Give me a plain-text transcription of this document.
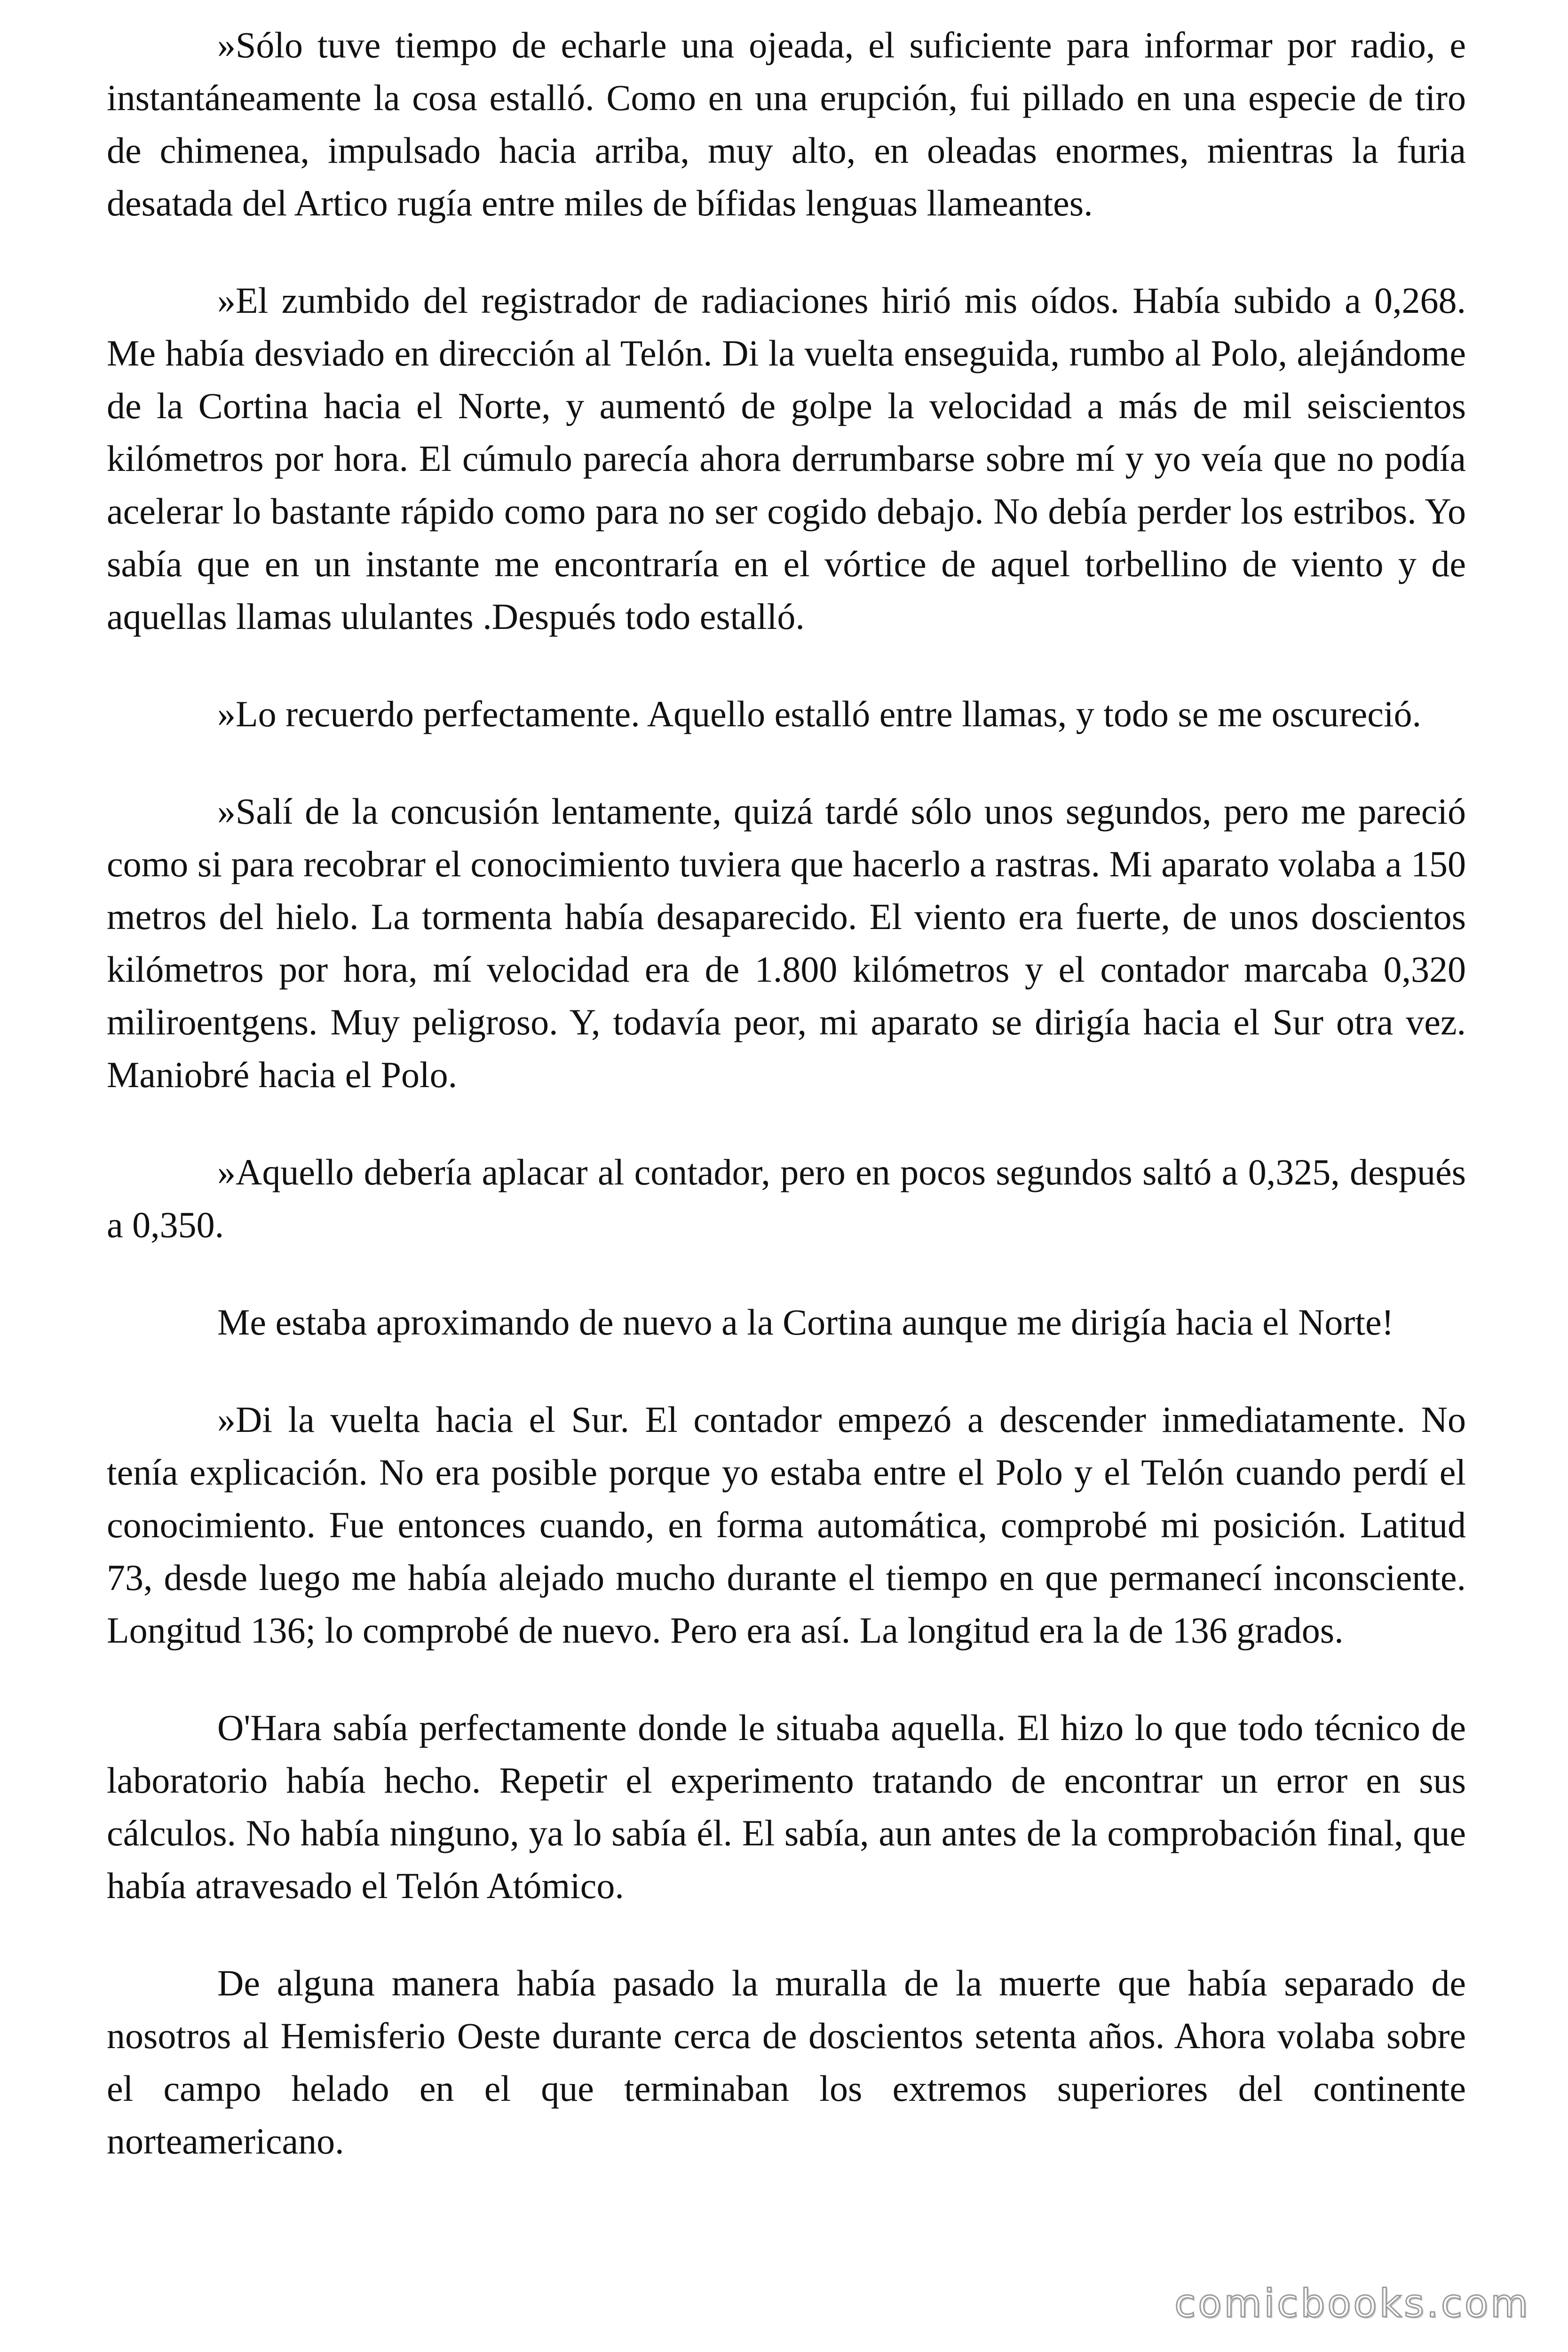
»Sólo tuve tiempo de echarle una ojeada, el suficiente para informar por radio, e instantáneamente la cosa estalló. Como en una erupción, fui pillado en una especie de tiro de chimenea, impulsado hacia arriba, muy alto, en oleadas enormes, mientras la furia desatada del Artico rugía entre miles de bífidas lenguas llameantes.

»El zumbido del registrador de radiaciones hirió mis oídos. Había subido a 0,268. Me había desviado en dirección al Telón. Di la vuelta enseguida, rumbo al Polo, alejándome de la Cortina hacia el Norte, y aumentó de golpe la velocidad a más de mil seiscientos kilómetros por hora. El cúmulo parecía ahora derrumbarse sobre mí y yo veía que no podía acelerar lo bastante rápido como para no ser cogido debajo. No debía perder los estribos. Yo sabía que en un instante me encontraría en el vórtice de aquel torbellino de viento y de aquellas llamas ululantes .Después todo estalló.

»Lo recuerdo perfectamente. Aquello estalló entre llamas, y todo se me oscureció.

»Salí de la concusión lentamente, quizá tardé sólo unos segundos, pero me pareció como si para recobrar el conocimiento tuviera que hacerlo a rastras. Mi aparato volaba a 150 metros del hielo. La tormenta había desaparecido. El viento era fuerte, de unos doscientos kilómetros por hora, mí velocidad era de 1.800 kilómetros y el contador marcaba 0,320 miliroentgens. Muy peligroso. Y, todavía peor, mi aparato se dirigía hacia el Sur otra vez. Maniobré hacia el Polo.

»Aquello debería aplacar al contador, pero en pocos segundos saltó a 0,325, después a 0,350.

Me estaba aproximando de nuevo a la Cortina aunque me dirigía hacia el Norte!

»Di la vuelta hacia el Sur. El contador empezó a descender inmediatamente. No tenía explicación. No era posible porque yo estaba entre el Polo y el Telón cuando perdí el conocimiento. Fue entonces cuando, en forma automática, comprobé mi posición. Latitud 73, desde luego me había alejado mucho durante el tiempo en que permanecí inconsciente. Longitud 136; lo comprobé de nuevo. Pero era así. La longitud era la de 136 grados.

O'Hara sabía perfectamente donde le situaba aquella. El hizo lo que todo técnico de laboratorio había hecho. Repetir el experimento tratando de encontrar un error en sus cálculos. No había ninguno, ya lo sabía él. El sabía, aun antes de la comprobación final, que había atravesado el Telón Atómico.

De alguna manera había pasado la muralla de la muerte que había separado de nosotros al Hemisferio Oeste durante cerca de doscientos setenta años. Ahora volaba sobre el campo helado en el que terminaban los extremos superiores del continente norteamericano.

comicbooks.com
